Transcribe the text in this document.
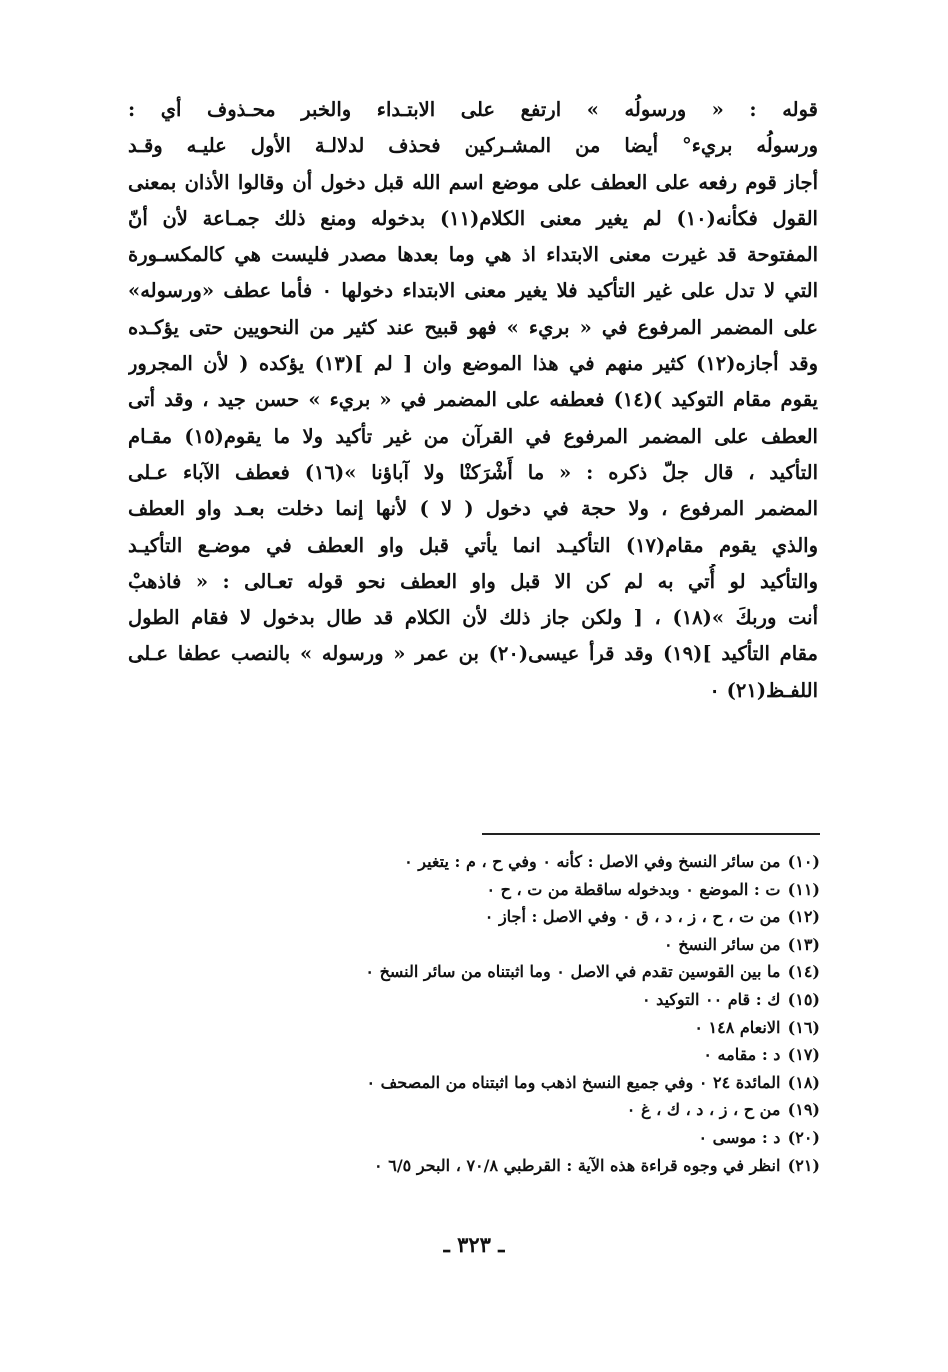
قوله : « ورسولُه » ارتفع على الابتـداء والخبر محـذوف أي :
ورسولُه بريء° أيضا من المشـركين فحذف لدلالـة الأول عليـه وقـد
أجاز قوم رفعه على العطف على موضع اسم الله قبل دخول أن وقالوا الأذان بمعنى
القول فكأنه(١٠) لم يغير معنى الكلام(١١) بدخوله ومنع ذلك جمـاعة لأن أنّ
المفتوحة قد غيرت معنى الابتداء اذ هي وما بعدها مصدر فليست هي كالمكسـورة
التي لا تدل على غير التأكيد فلا يغير معنى الابتداء دخولها ٠ فأما عطف «ورسوله»
على المضمر المرفوع في « بريء » فهو قبيح عند كثير من النحويين حتى يؤكـده
وقد أجازه(١٢) كثير منهم في هذا الموضع وان [ لم ](١٣) يؤكده ( لأن المجرور
يقوم مقام التوكيد )(١٤) فعطفه على المضمر في « بريء » حسن جيد ، وقد أتى
العطف على المضمر المرفوع في القرآن من غير تأكيد ولا ما يقوم(١٥) مقـام
التأكيد ، قال جلّ ذكره : « ما أَشْرَكنْا ولا آباؤنا »(١٦) فعطف الآباء عـلى
المضمر المرفوع ، ولا حجة في دخول ( لا ) لأنها إنما دخلت بعـد واو العطف
والذي يقوم مقام(١٧) التأكيـد انما يأتي قبل واو العطف في موضـع التأكيـد
والتأكيد لو أُتي به لم كن الا قبل واو العطف نحو قوله تعـالى : « فاذهبْ
أنت وربكَ »(١٨) ، [ ولكن جاز ذلك لأن الكلام قد طال بدخول لا فقام الطول
مقام التأكيد ](١٩) وقد قرأ عيسى(٢٠) بن عمر « ورسوله » بالنصب عطفا عـلى
اللفـظ(٢١) ٠
(١٠) من سائر النسخ وفي الاصل : كأنه ٠ وفي ح ، م : يتغير ٠
(١١) ت : الموضع ٠ وبدخوله ساقطة من ت ، ح ٠
(١٢) من ت ، ح ، ز ، د ، ق ٠ وفي الاصل : أجاز ٠
(١٣) من سائر النسخ ٠
(١٤) ما بين القوسين تقدم في الاصل ٠ وما اثبتناه من سائر النسخ ٠
(١٥) ك : قام ٠٠ التوكيد ٠
(١٦) الانعام ١٤٨ ٠
(١٧) د : مقامه ٠
(١٨) المائدة ٢٤ ٠ وفي جميع النسخ اذهب وما اثبتناه من المصحف ٠
(١٩) من ح ، ز ، د ، ك ، غ ٠
(٢٠) د : موسى ٠
(٢١) انظر في وجوه قراءة هذه الآية : القرطبي ٧٠/٨ ، البحر ٦/٥ ٠
ـ ٣٢٣ ـ
